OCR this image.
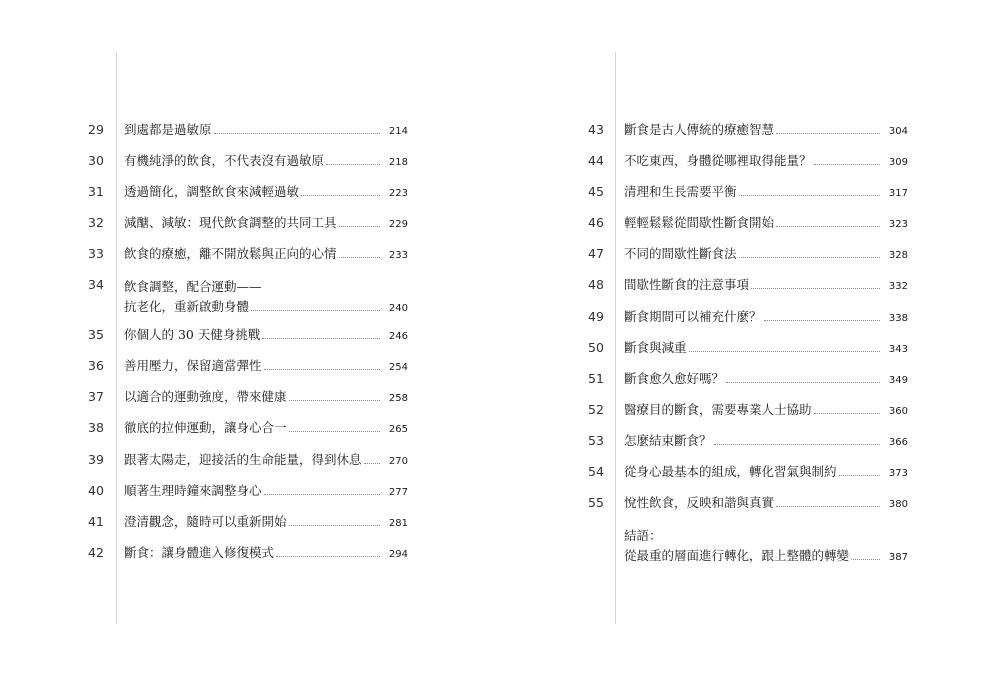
29	到處都是過敏原	214
30	有機純淨的飲食，不代表沒有過敏原	218
31	透過簡化，調整飲食來減輕過敏	223
32	減醣、減敏：現代飲食調整的共同工具	229
33	飲食的療癒，離不開放鬆與正向的心情	233
34	飲食調整，配合運動——
抗老化，重新啟動身體	240
35	你個人的 30 天健身挑戰	246
36	善用壓力，保留適當彈性	254
37	以適合的運動強度，帶來健康	258
38	徹底的拉伸運動，讓身心合一	265
39	跟著太陽走，迎接活的生命能量，得到休息	270
40	順著生理時鐘來調整身心	277
41	澄清觀念，隨時可以重新開始	281
42	斷食：讓身體進入修復模式	294
43	斷食是古人傳統的療癒智慧	304
44	不吃東西，身體從哪裡取得能量？	309
45	清理和生長需要平衡	317
46	輕輕鬆鬆從間歇性斷食開始	323
47	不同的間歇性斷食法	328
48	間歇性斷食的注意事項	332
49	斷食期間可以補充什麼？	338
50	斷食與減重	343
51	斷食愈久愈好嗎？	349
52	醫療目的斷食，需要專業人士協助	360
53	怎麼結束斷食？	366
54	從身心最基本的組成，轉化習氣與制約	373
55	悅性飲食，反映和諧與真實	380
結語：
從最重的層面進行轉化，跟上整體的轉變	387
